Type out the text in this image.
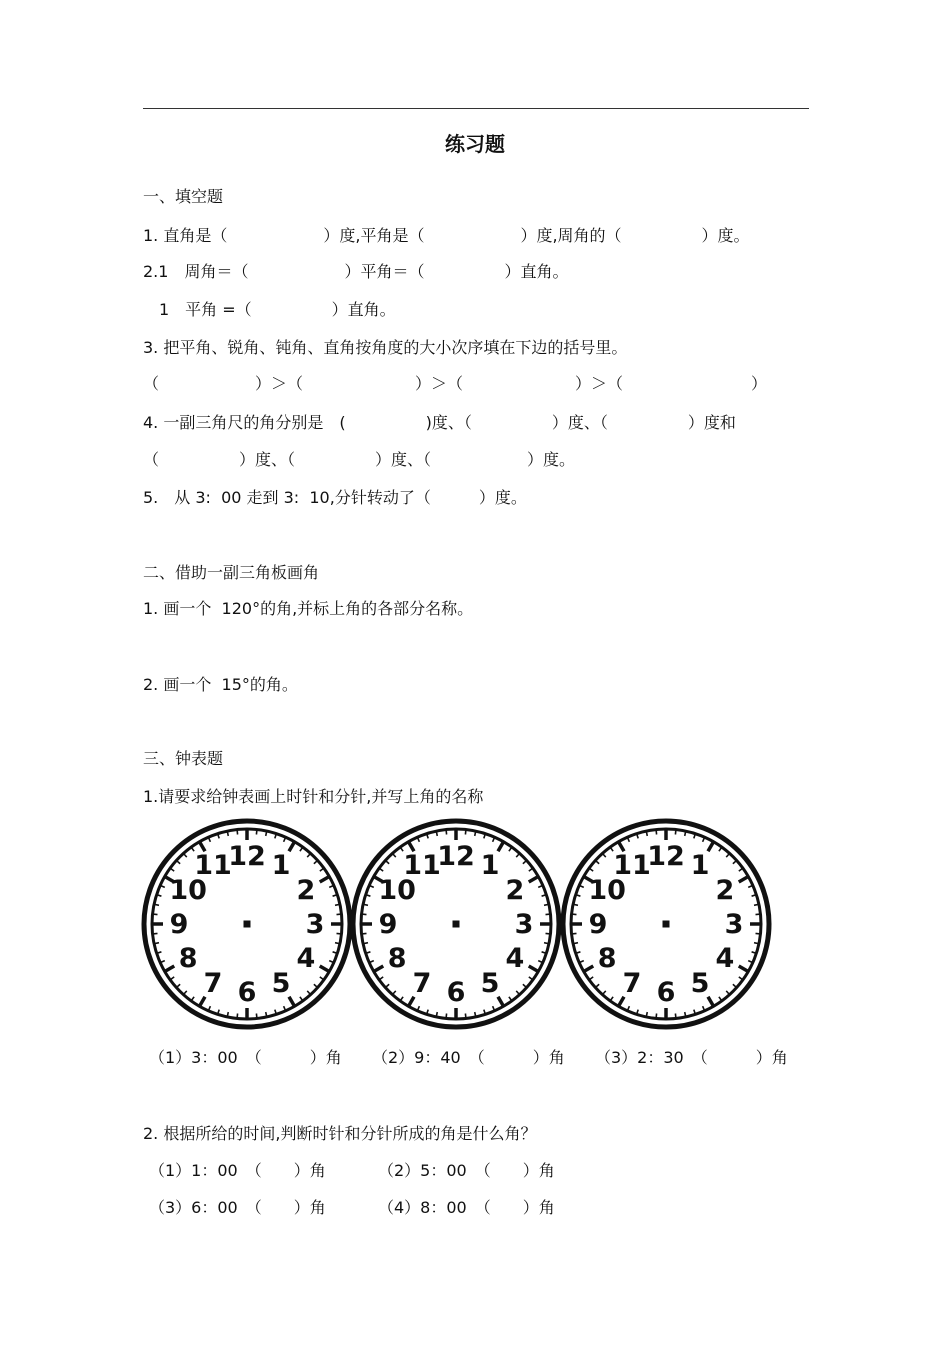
练习题
一、填空题
1. 直角是（　　　　　　）度,平角是（　　　　　　）度,周角的（　　　　　）度。
2.1　周角＝（　　　　　　）平角＝（　　　　　）直角。
　1　平角 =（　　　　　）直角。
3. 把平角、锐角、钝角、直角按角度的大小次序填在下边的括号里。
（　　　　　　）＞（　　　　　　　）＞（　　　　　　　）＞（　　　　　　　　）
4. 一副三角尺的角分别是　(　　　　　)度、（　　　　　）度、（　　　　　）度和
（　　　　　）度、（　　　　　）度、（　　　　　　）度。
5.　从 3:  00 走到 3:  10,分针转动了（　　　）度。
二、借助一副三角板画角
1. 画一个  120°的角,并标上角的各部分名称。
2. 画一个  15°的角。
三、钟表题
1.请要求给钟表画上时针和分针,并写上角的名称
12 1
2
3
4
5
6
7
8
9
10
11	12 1
2
3
4
5
6
7
8
9
10
11	12 1
2
3
4
5
6
7
8
9
10
11
（1）3：00　（　　　）角 （2）9：40　（　　　）角 （3）2：30　（　　　）角
2. 根据所给的时间,判断时针和分针所成的角是什么角？
（1）1：00　（　　）角	（2）5：00　（　　）角
（3）6：00　（　　）角	（4）8：00　（　　）角
